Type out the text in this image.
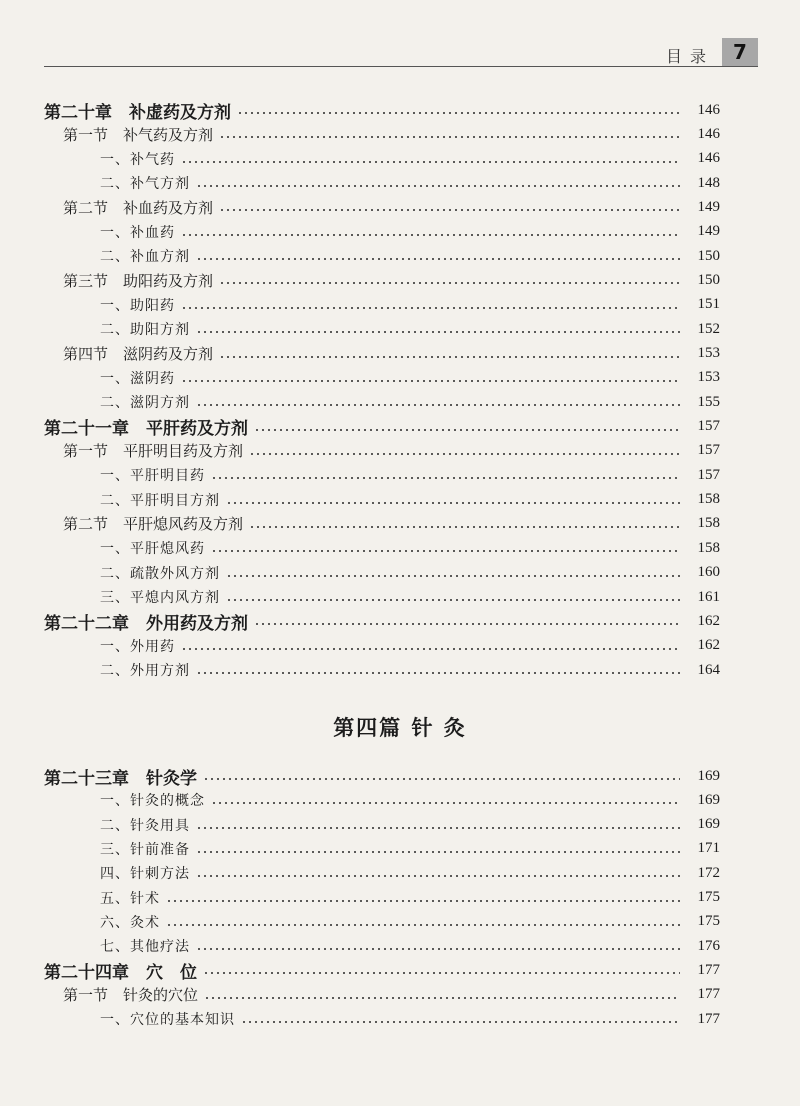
目录 7
第二十章　补虚药及方剂	146
第一节　补气药及方剂	146
一、补气药	146
二、补气方剂	148
第二节　补血药及方剂	149
一、补血药	149
二、补血方剂	150
第三节　助阳药及方剂	150
一、助阳药	151
二、助阳方剂	152
第四节　滋阴药及方剂	153
一、滋阴药	153
二、滋阴方剂	155
第二十一章　平肝药及方剂	157
第一节　平肝明目药及方剂	157
一、平肝明目药	157
二、平肝明目方剂	158
第二节　平肝熄风药及方剂	158
一、平肝熄风药	158
二、疏散外风方剂	160
三、平熄内风方剂	161
第二十二章　外用药及方剂	162
一、外用药	162
二、外用方剂	164
第二十三章　针灸学	169
一、针灸的概念	169
二、针灸用具	169
三、针前准备	171
四、针刺方法	172
五、针术	175
六、灸术	175
七、其他疗法	176
第二十四章　穴　位	177
第一节　针灸的穴位	177
一、穴位的基本知识	177
第四篇 针 灸
